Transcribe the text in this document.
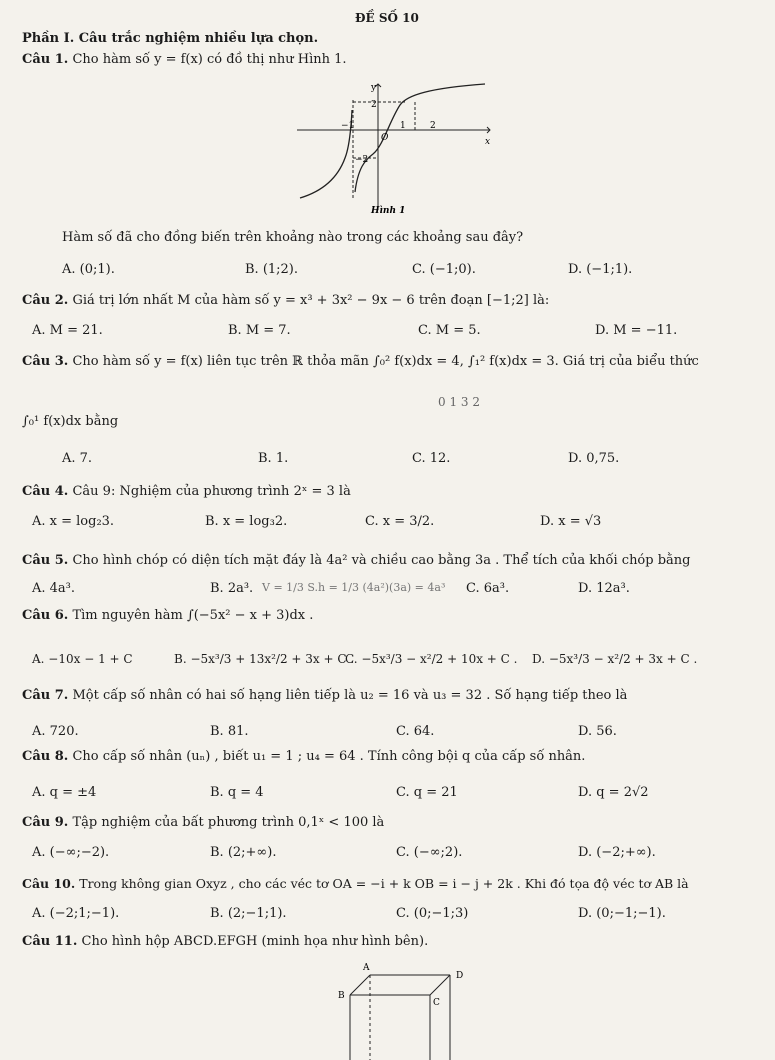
ĐỀ SỐ 10
Phần I. Câu trắc nghiệm nhiều lựa chọn.
Câu 1. Cho hàm số y = f(x) có đồ thị như Hình 1.
y
x
O
2
−1	1	2
−2
Hình 1
Hàm số đã cho đồng biến trên khoảng nào trong các khoảng sau đây?
A. (0;1).	B. (1;2).	C. (−1;0).	D. (−1;1).
Câu 2. Giá trị lớn nhất M của hàm số y = x³ + 3x² − 9x − 6 trên đoạn [−1;2] là:
A. M = 21.	B. M = 7.	C. M = 5.	D. M = −11.
Câu 3. Cho hàm số y = f(x) liên tục trên ℝ thỏa mãn ∫₀² f(x)dx = 4, ∫₁² f(x)dx = 3. Giá trị của biểu thức
∫₀¹ f(x)dx bằng
0 1 3 2
A. 7.	B. 1.	C. 12.	D. 0,75.
Câu 4. Câu 9: Nghiệm của phương trình 2ˣ = 3 là
A. x = log₂3.	B. x = log₃2.	C. x = 3/2.	D. x = √3
Câu 5. Cho hình chóp có diện tích mặt đáy là 4a² và chiều cao bằng 3a . Thể tích của khối chóp bằng
A. 4a³.	B. 2a³. V = 1/3 S.h = 1/3 (4a²)(3a) = 4a³ C. 6a³.	D. 12a³.
Câu 6. Tìm nguyên hàm ∫(−5x² − x + 3)dx .
A. −10x − 1 + C	B. −5x³/3 + 13x²/2 + 3x + C .
C. −5x³/3 − x²/2 + 10x + C . D. −5x³/3 − x²/2 + 3x + C .
Câu 7. Một cấp số nhân có hai số hạng liên tiếp là u₂ = 16 và u₃ = 32 . Số hạng tiếp theo là
A. 720.	B. 81.	C. 64.	D. 56.
Câu 8. Cho cấp số nhân (uₙ) , biết u₁ = 1 ; u₄ = 64 . Tính công bội q của cấp số nhân.
A. q = ±4	B. q = 4	C. q = 21	D. q = 2√2
Câu 9. Tập nghiệm của bất phương trình 0,1ˣ < 100 là
A. (−∞;−2).	B. (2;+∞).	C. (−∞;2).	D. (−2;+∞).
Câu 10. Trong không gian Oxyz , cho các véc tơ OA = −i + k OB = i − j + 2k . Khi đó tọa độ véc tơ AB là
A. (−2;1;−1).	B. (2;−1;1).	C. (0;−1;3)	D. (0;−1;−1).
Câu 11. Cho hình hộp ABCD.EFGH (minh họa như hình bên).
A
D
B
C
